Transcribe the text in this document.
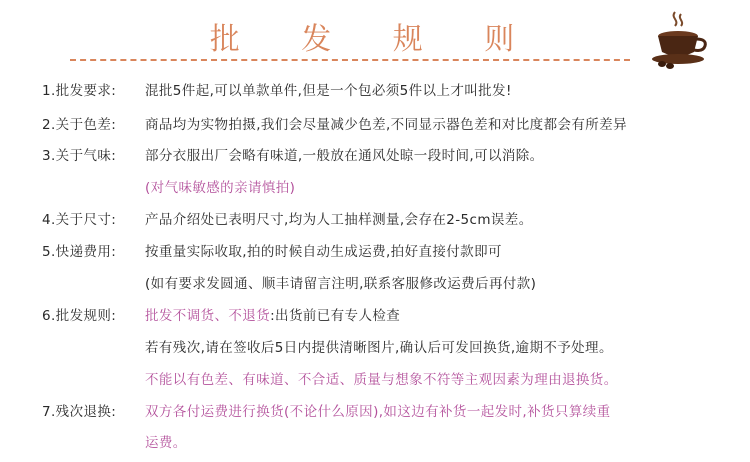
批 发 规 则
1.批发要求: 混批5件起,可以单款单件,但是一个包必须5件以上才叫批发!
2.关于色差: 商品均为实物拍摄,我们会尽量减少色差,不同显示器色差和对比度都会有所差异
3.关于气味: 部分衣服出厂会略有味道,一般放在通风处晾一段时间,可以消除。
(对气味敏感的亲请慎拍)
4.关于尺寸: 产品介绍处已表明尺寸,均为人工抽样测量,会存在2-5cm误差。
5.快递费用: 按重量实际收取,拍的时候自动生成运费,拍好直接付款即可
(如有要求发圆通、顺丰请留言注明,联系客服修改运费后再付款)
6.批发规则: 批发不调货、不退货:出货前已有专人检查
若有残次,请在签收后5日内提供清晰图片,确认后可发回换货,逾期不予处理。
不能以有色差、有味道、不合适、质量与想象不符等主观因素为理由退换货。
7.残次退换: 双方各付运费进行换货(不论什么原因),如这边有补货一起发时,补货只算续重
运费。
